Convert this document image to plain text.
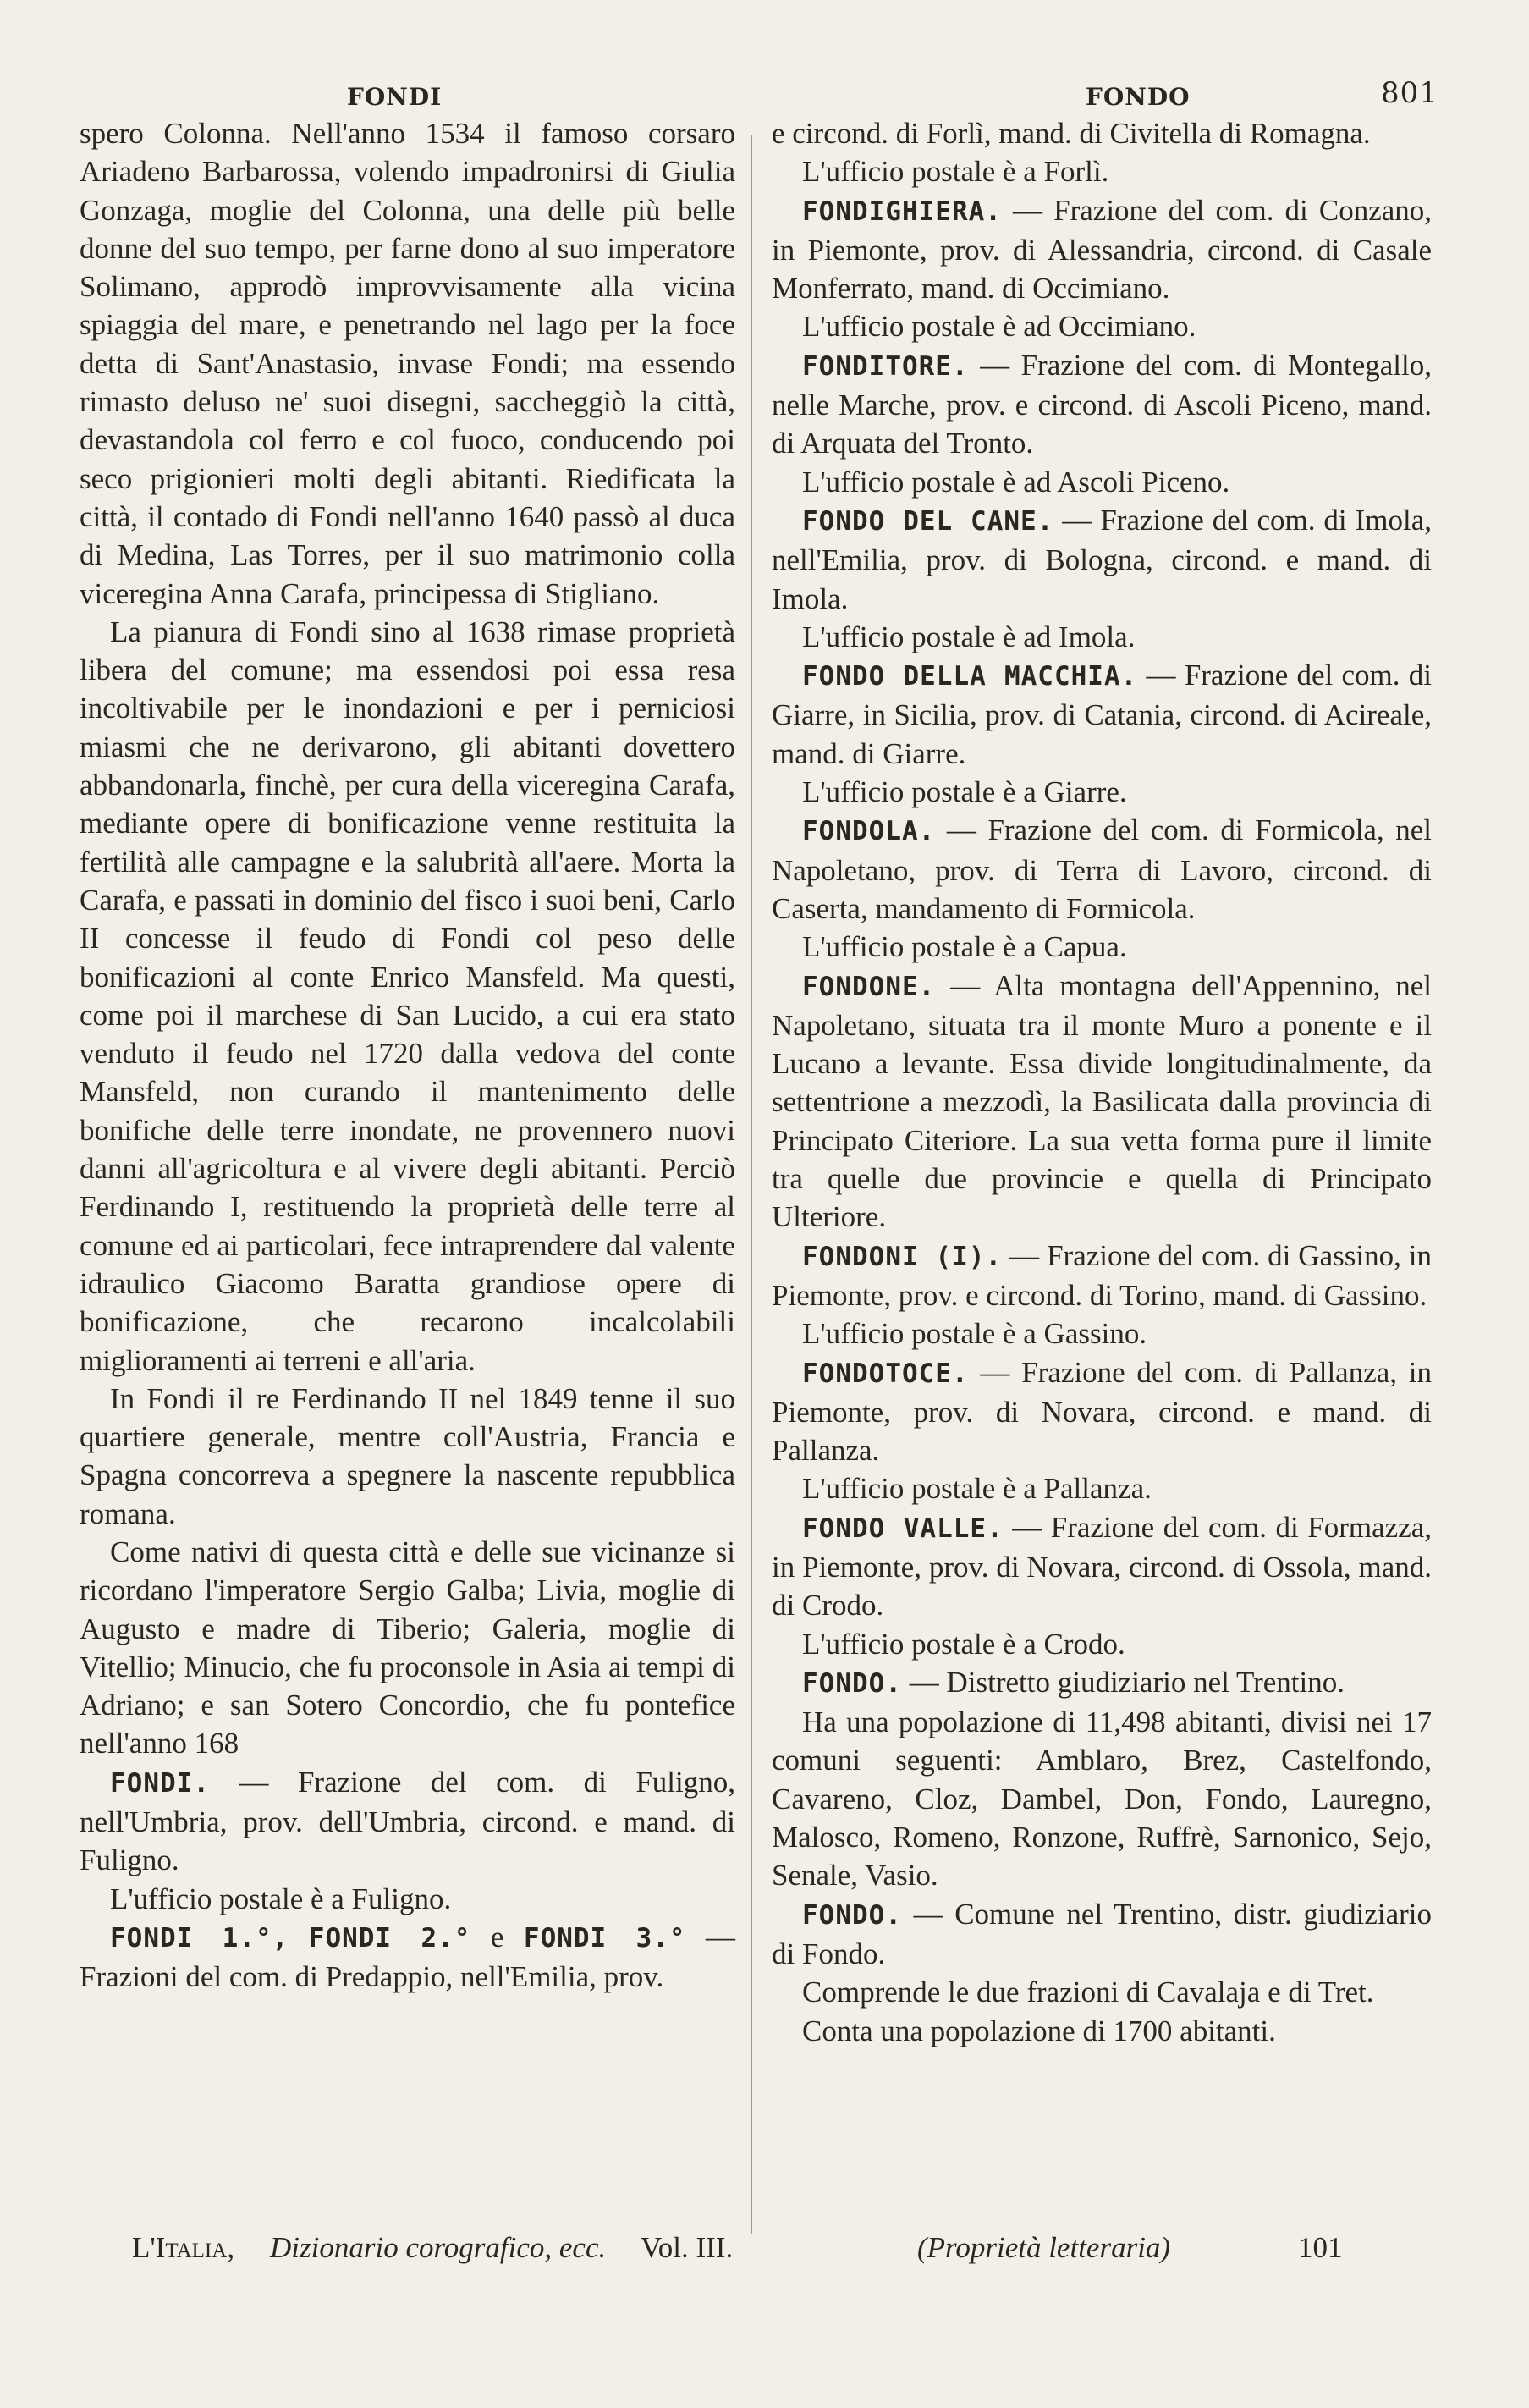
FONDI	FONDO	801

spero Colonna. Nell'anno 1534 il famoso corsaro Ariadeno Barbarossa, volendo impadronirsi di Giulia Gonzaga, moglie del Colonna, una delle più belle donne del suo tempo, per farne dono al suo imperatore Solimano, approdò improvvisamente alla vicina spiaggia del mare, e penetrando nel lago per la foce detta di Sant'Anastasio, invase Fondi; ma essendo rimasto deluso ne' suoi disegni, saccheggiò la città, devastandola col ferro e col fuoco, conducendo poi seco prigionieri molti degli abitanti. Riedificata la città, il contado di Fondi nell'anno 1640 passò al duca di Medina, Las Torres, per il suo matrimonio colla viceregina Anna Carafa, principessa di Stigliano.

La pianura di Fondi sino al 1638 rimase proprietà libera del comune; ma essendosi poi essa resa incoltivabile per le inondazioni e per i perniciosi miasmi che ne derivarono, gli abitanti dovettero abbandonarla, finchè, per cura della viceregina Carafa, mediante opere di bonificazione venne restituita la fertilità alle campagne e la salubrità all'aere. Morta la Carafa, e passati in dominio del fisco i suoi beni, Carlo II concesse il feudo di Fondi col peso delle bonificazioni al conte Enrico Mansfeld. Ma questi, come poi il marchese di San Lucido, a cui era stato venduto il feudo nel 1720 dalla vedova del conte Mansfeld, non curando il mantenimento delle bonifiche delle terre inondate, ne provennero nuovi danni all'agricoltura e al vivere degli abitanti. Perciò Ferdinando I, restituendo la proprietà delle terre al comune ed ai particolari, fece intraprendere dal valente idraulico Giacomo Baratta grandiose opere di bonificazione, che recarono incalcolabili miglioramenti ai terreni e all'aria.

In Fondi il re Ferdinando II nel 1849 tenne il suo quartiere generale, mentre coll'Austria, Francia e Spagna concorreva a spegnere la nascente repubblica romana.

Come nativi di questa città e delle sue vicinanze si ricordano l'imperatore Sergio Galba; Livia, moglie di Augusto e madre di Tiberio; Galeria, moglie di Vitellio; Minucio, che fu proconsole in Asia ai tempi di Adriano; e san Sotero Concordio, che fu pontefice nell'anno 168

FONDI. — Frazione del com. di Fuligno, nell'Umbria, prov. dell'Umbria, circond. e mand. di Fuligno.

L'ufficio postale è a Fuligno.

FONDI 1.°, FONDI 2.° e FONDI 3.° — Frazioni del com. di Predappio, nell'Emilia, prov.

e circond. di Forlì, mand. di Civitella di Romagna.

L'ufficio postale è a Forlì.

FONDIGHIERA. — Frazione del com. di Conzano, in Piemonte, prov. di Alessandria, circond. di Casale Monferrato, mand. di Occimiano.

L'ufficio postale è ad Occimiano.

FONDITORE. — Frazione del com. di Montegallo, nelle Marche, prov. e circond. di Ascoli Piceno, mand. di Arquata del Tronto.

L'ufficio postale è ad Ascoli Piceno.

FONDO DEL CANE. — Frazione del com. di Imola, nell'Emilia, prov. di Bologna, circond. e mand. di Imola.

L'ufficio postale è ad Imola.

FONDO DELLA MACCHIA. — Frazione del com. di Giarre, in Sicilia, prov. di Catania, circond. di Acireale, mand. di Giarre.

L'ufficio postale è a Giarre.

FONDOLA. — Frazione del com. di Formicola, nel Napoletano, prov. di Terra di Lavoro, circond. di Caserta, mandamento di Formicola.

L'ufficio postale è a Capua.

FONDONE. — Alta montagna dell'Appennino, nel Napoletano, situata tra il monte Muro a ponente e il Lucano a levante. Essa divide longitudinalmente, da settentrione a mezzodì, la Basilicata dalla provincia di Principato Citeriore. La sua vetta forma pure il limite tra quelle due provincie e quella di Principato Ulteriore.

FONDONI (I). — Frazione del com. di Gassino, in Piemonte, prov. e circond. di Torino, mand. di Gassino.

L'ufficio postale è a Gassino.

FONDOTOCE. — Frazione del com. di Pallanza, in Piemonte, prov. di Novara, circond. e mand. di Pallanza.

L'ufficio postale è a Pallanza.

FONDO VALLE. — Frazione del com. di Formazza, in Piemonte, prov. di Novara, circond. di Ossola, mand. di Crodo.

L'ufficio postale è a Crodo.

FONDO. — Distretto giudiziario nel Trentino.

Ha una popolazione di 11,498 abitanti, divisi nei 17 comuni seguenti: Amblaro, Brez, Castelfondo, Cavareno, Cloz, Dambel, Don, Fondo, Lauregno, Malosco, Romeno, Ronzone, Ruffrè, Sarnonico, Sejo, Senale, Vasio.

FONDO. — Comune nel Trentino, distr. giudiziario di Fondo.

Comprende le due frazioni di Cavalaja e di Tret.

Conta una popolazione di 1700 abitanti.

L'Italia, Dizionario corografico, ecc. Vol. III.	(Proprietà letteraria)	101
